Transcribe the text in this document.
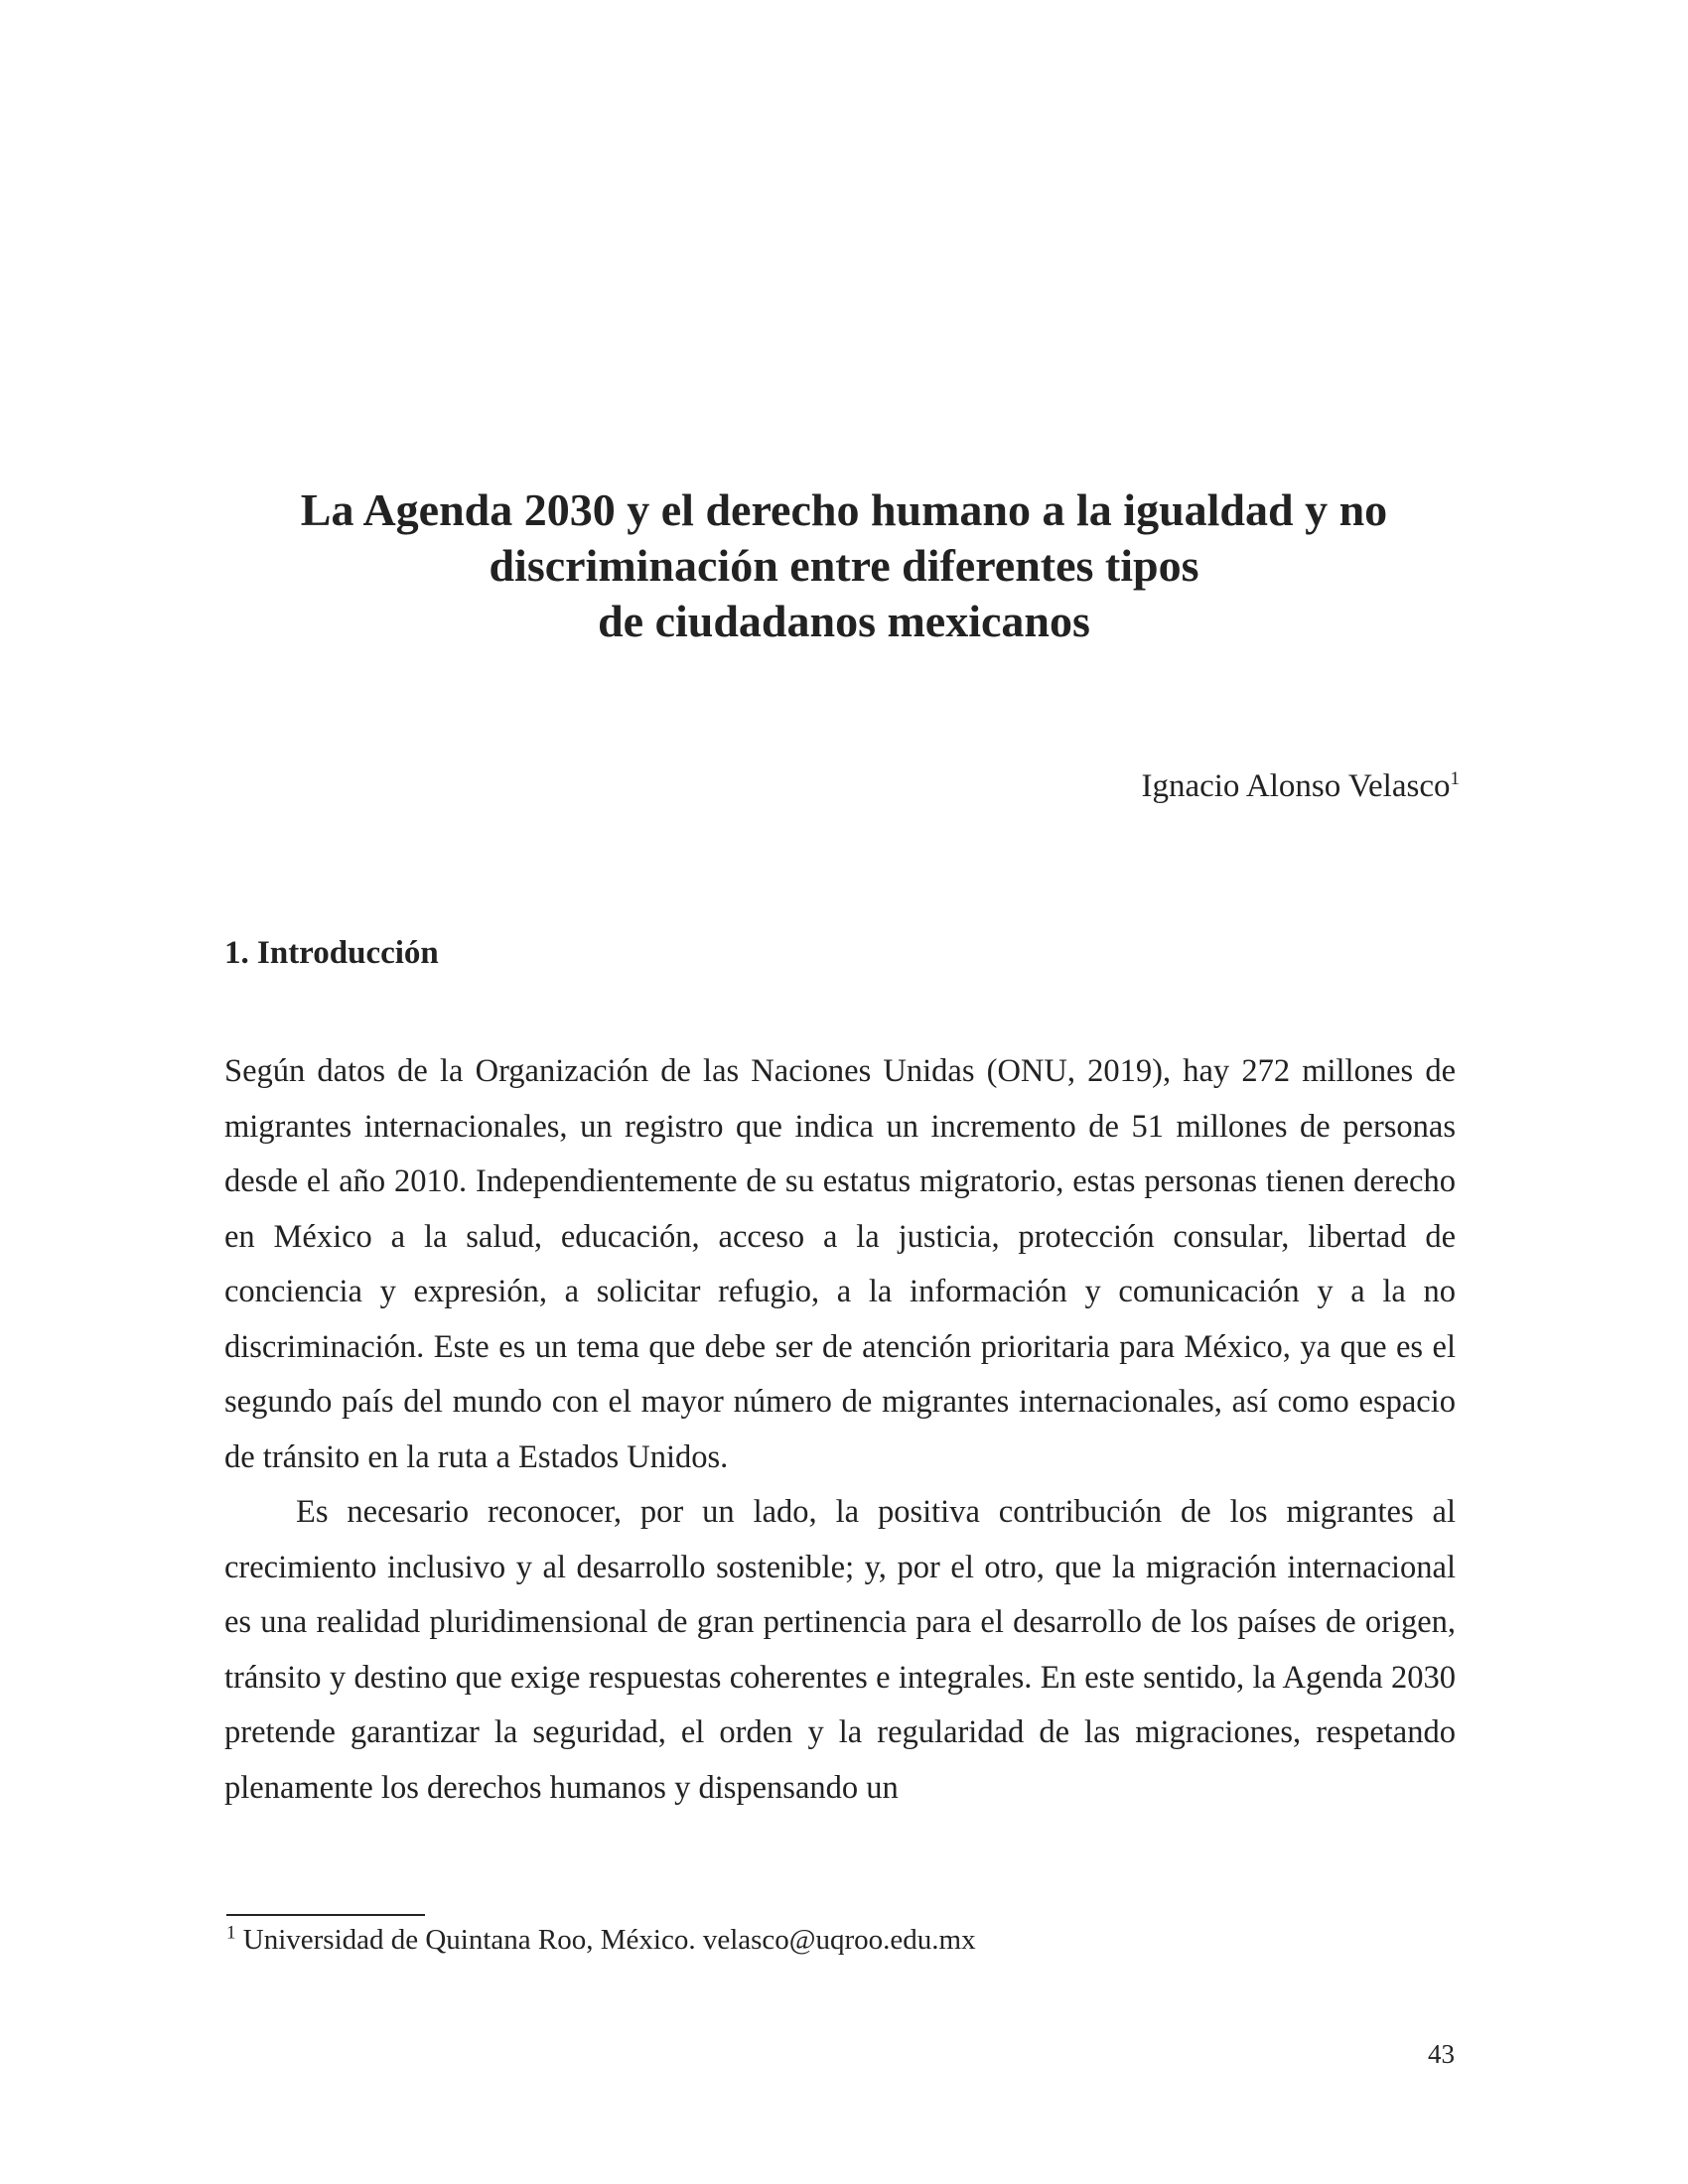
La Agenda 2030 y el derecho humano a la igualdad y no
discriminación entre diferentes tipos
de ciudadanos mexicanos

Ignacio Alonso Velasco$^1$

1. Introducción

Según datos de la Organización de las Naciones Unidas (ONU, 2019), hay 272 millones de migrantes internacionales, un registro que indica un incremento de 51 millones de personas desde el año 2010. Independientemente de su estatus migratorio, estas personas tienen derecho en México a la salud, educación, acceso a la justicia, protección consular, libertad de conciencia y expresión, a solicitar refugio, a la información y comunicación y a la no discriminación. Este es un tema que debe ser de atención prioritaria para México, ya que es el segundo país del mundo con el mayor número de migrantes internacionales, así como espacio de tránsito en la ruta a Estados Unidos.

Es necesario reconocer, por un lado, la positiva contribución de los migrantes al crecimiento inclusivo y al desarrollo sostenible; y, por el otro, que la migración internacional es una realidad pluridimensional de gran pertinencia para el desarrollo de los países de origen, tránsito y destino que exige respuestas coherentes e integrales. En este sentido, la Agenda 2030 pretende garantizar la seguridad, el orden y la regularidad de las migraciones, respetando plenamente los derechos humanos y dispensando un

$^1$ Universidad de Quintana Roo, México. velasco@uqroo.edu.mx

43
